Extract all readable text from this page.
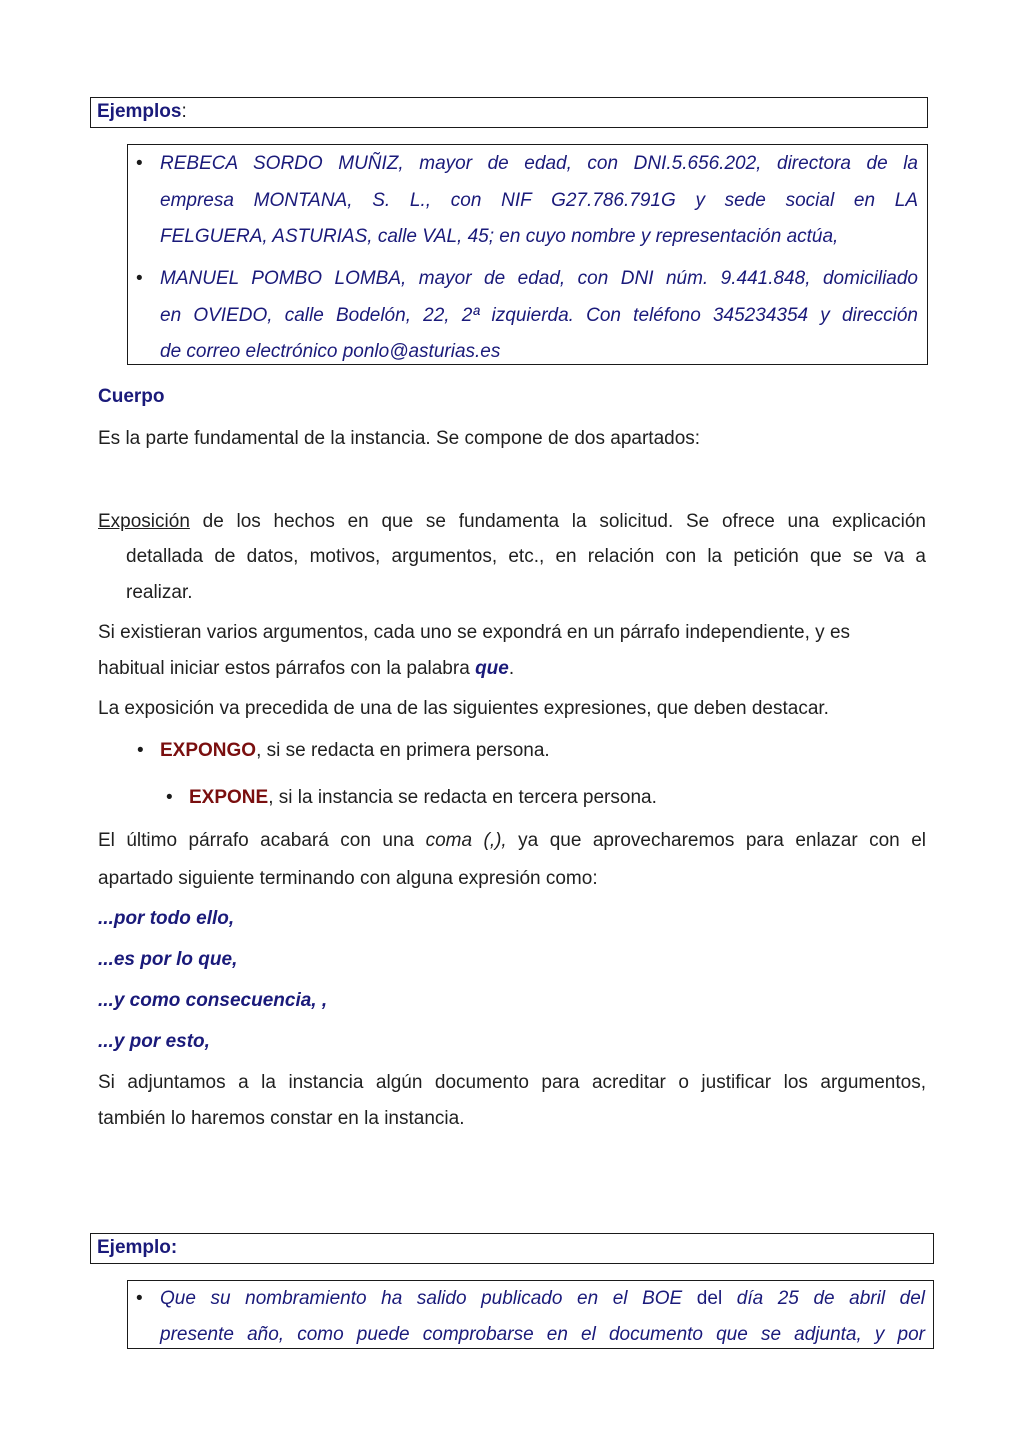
Ejemplos:
• REBECA SORDO MUÑIZ, mayor de edad, con DNI.5.656.202, directora de la
empresa MONTANA, S. L., con NIF G27.786.791G y sede social en LA
FELGUERA, ASTURIAS, calle VAL, 45; en cuyo nombre y representación actúa,
• MANUEL POMBO LOMBA, mayor de edad, con DNI núm. 9.441.848, domiciliado
en OVIEDO, calle Bodelón, 22, 2ª izquierda. Con teléfono 345234354 y dirección
de correo electrónico ponlo@asturias.es
Cuerpo
Es la parte fundamental de la instancia. Se compone de dos apartados:
Exposición de los hechos en que se fundamenta la solicitud. Se ofrece una explicación
detallada de datos, motivos, argumentos, etc., en relación con la petición que se va a
realizar.
Si existieran varios argumentos, cada uno se expondrá en un párrafo independiente, y es
habitual iniciar estos párrafos con la palabra que.
La exposición va precedida de una de las siguientes expresiones, que deben destacar.
• EXPONGO, si se redacta en primera persona.
• EXPONE, si la instancia se redacta en tercera persona.
El último párrafo acabará con una coma (,), ya que aprovecharemos para enlazar con el
apartado siguiente terminando con alguna expresión como:
...por todo ello,
...es por lo que,
...y como consecuencia, ,
...y por esto,
Si adjuntamos a la instancia algún documento para acreditar o justificar los argumentos,
también lo haremos constar en la instancia.
Ejemplo:
• Que su nombramiento ha salido publicado en el BOE del día 25 de abril del
presente año, como puede comprobarse en el documento que se adjunta, y por
